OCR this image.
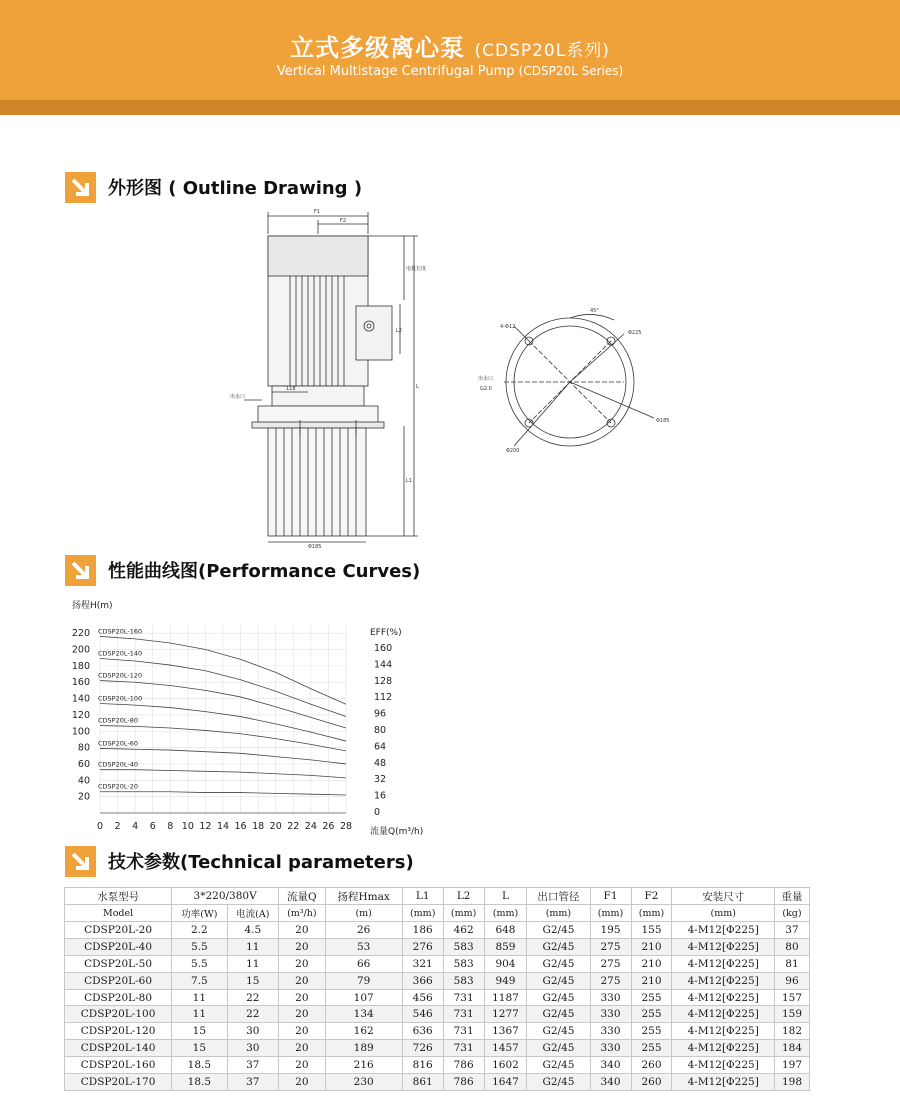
立式多级离心泵 (CDSP20L系列)
Vertical Multistage Centrifugal Pump (CDSP20L Series)
外形图 ( Outline Drawing )
F1
F2
电机长度
L2
L
L1
118
出水口
Φ185
45°
4-Φ12
Φ225
出水口
G2.0
Φ185
Φ200
性能曲线图(Performance Curves)
扬程H(m)
EFF(%)
流量Q(m³/h)
0 2 4 6 8 10 12 14 16 18 20 22 24 26 28
20
40
60
80
100
120
140
160
180
200
220
0
16
32
48
64
80
96
112
128
144
160
CDSP20L-160
CDSP20L-140
CDSP20L-120
CDSP20L-100
CDSP20L-80
CDSP20L-60
CDSP20L-40
CDSP20L-20
技术参数(Technical parameters)
水泵型号	3*220/380V		流量Q	扬程Hmax	L1	L2	L	出口管径	F1	F2	安装尺寸	重量
Model	功率(W)	电流(A)	(m³/h)	(m)	(mm)	(mm)	(mm)	(mm)	(mm)	(mm)	(mm)	(kg)
CDSP20L-20	2.2	4.5	20	26	186	462	648	G2/45	195	155	4-M12[Φ225]	37
CDSP20L-40	5.5	11	20	53	276	583	859	G2/45	275	210	4-M12[Φ225]	80
CDSP20L-50	5.5	11	20	66	321	583	904	G2/45	275	210	4-M12[Φ225]	81
CDSP20L-60	7.5	15	20	79	366	583	949	G2/45	275	210	4-M12[Φ225]	96
CDSP20L-80	11	22	20	107	456	731	1187	G2/45	330	255	4-M12[Φ225]	157
CDSP20L-100	11	22	20	134	546	731	1277	G2/45	330	255	4-M12[Φ225]	159
CDSP20L-120	15	30	20	162	636	731	1367	G2/45	330	255	4-M12[Φ225]	182
CDSP20L-140	15	30	20	189	726	731	1457	G2/45	330	255	4-M12[Φ225]	184
CDSP20L-160	18.5	37	20	216	816	786	1602	G2/45	340	260	4-M12[Φ225]	197
CDSP20L-170	18.5	37	20	230	861	786	1647	G2/45	340	260	4-M12[Φ225]	198
